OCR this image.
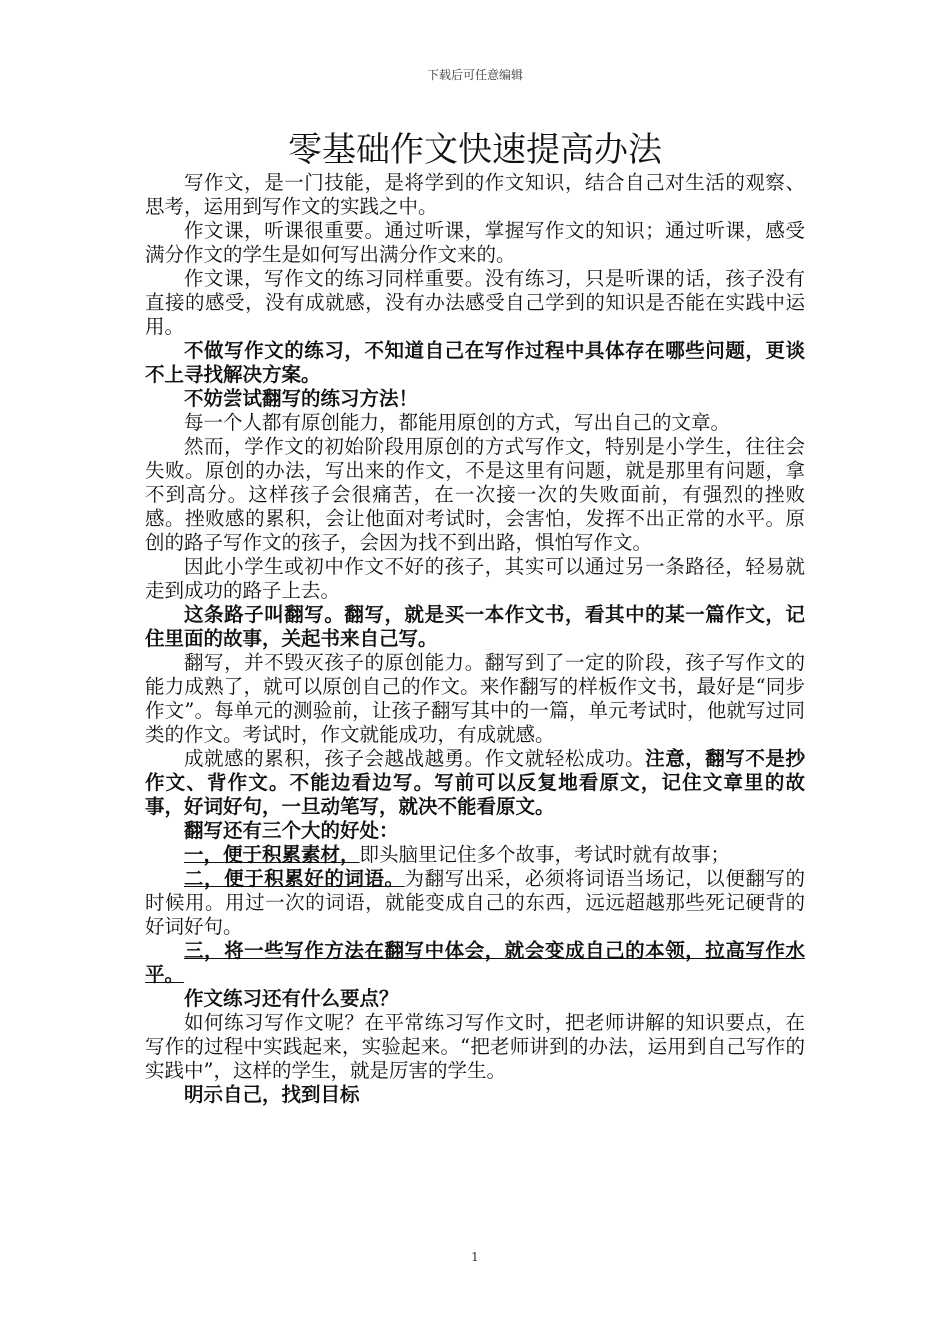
下载后可任意编辑
零基础作文快速提高办法

写作文，是一门技能，是将学到的作文知识，结合自己对生活的观察、思考，运用到写作文的实践之中。

作文课，听课很重要。通过听课，掌握写作文的知识；通过听课，感受满分作文的学生是如何写出满分作文来的。

作文课，写作文的练习同样重要。没有练习，只是听课的话，孩子没有直接的感受，没有成就感，没有办法感受自己学到的知识是否能在实践中运用。

不做写作文的练习，不知道自己在写作过程中具体存在哪些问题，更谈不上寻找解决方案。

不妨尝试翻写的练习方法！

每一个人都有原创能力，都能用原创的方式，写出自己的文章。

然而，学作文的初始阶段用原创的方式写作文，特别是小学生，往往会失败。原创的办法，写出来的作文，不是这里有问题，就是那里有问题，拿不到高分。这样孩子会很痛苦，在一次接一次的失败面前，有强烈的挫败感。挫败感的累积，会让他面对考试时，会害怕，发挥不出正常的水平。原创的路子写作文的孩子，会因为找不到出路，惧怕写作文。

因此小学生或初中作文不好的孩子，其实可以通过另一条路径，轻易就走到成功的路子上去。

这条路子叫翻写。翻写，就是买一本作文书，看其中的某一篇作文，记住里面的故事，关起书来自己写。

翻写，并不毁灭孩子的原创能力。翻写到了一定的阶段，孩子写作文的能力成熟了，就可以原创自己的作文。来作翻写的样板作文书，最好是“同步作文”。每单元的测验前，让孩子翻写其中的一篇，单元考试时，他就写过同类的作文。考试时，作文就能成功，有成就感。

成就感的累积，孩子会越战越勇。作文就轻松成功。注意，翻写不是抄作文、背作文。不能边看边写。写前可以反复地看原文，记住文章里的故事，好词好句，一旦动笔写，就决不能看原文。

翻写还有三个大的好处：

一，便于积累素材，即头脑里记住多个故事，考试时就有故事；

二，便于积累好的词语。为翻写出采，必须将词语当场记，以便翻写的时候用。用过一次的词语，就能变成自己的东西，远远超越那些死记硬背的好词好句。

三，将一些写作方法在翻写中体会，就会变成自己的本领，拉高写作水平。

作文练习还有什么要点？

如何练习写作文呢？在平常练习写作文时，把老师讲解的知识要点，在写作的过程中实践起来，实验起来。“把老师讲到的办法，运用到自己写作的实践中”，这样的学生，就是厉害的学生。

明示自己，找到目标

1
